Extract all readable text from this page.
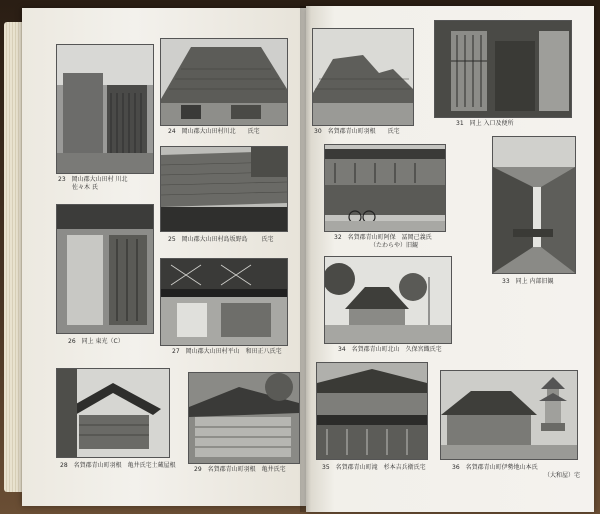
23　岡山郡大山田村 川北
佐々木 氏
24　岡山郡大山田村川北　　氏宅
25　岡山郡大山田村島坂野島 　　氏宅
26　同上 東光（C）
27　岡山郡大山田村平山　和田正八氏宅
28　名賀郡青山町羽根　亀井氏宅土蔵屋根
29　名賀郡青山町羽根　亀井氏宅
30　名賀郡青山町羽根　　氏宅
31　同上 入口及便所
32　名賀郡青山町阿保　冨岡己義氏
（たわらや）旧観
33　同上 内部旧観
34　名賀郡青山町北山　久保宮織氏宅
35　名賀郡青山町滝　杉本吉兵衛氏宅	36　名賀郡青山町伊勢地山本氏
（大和屋）宅
